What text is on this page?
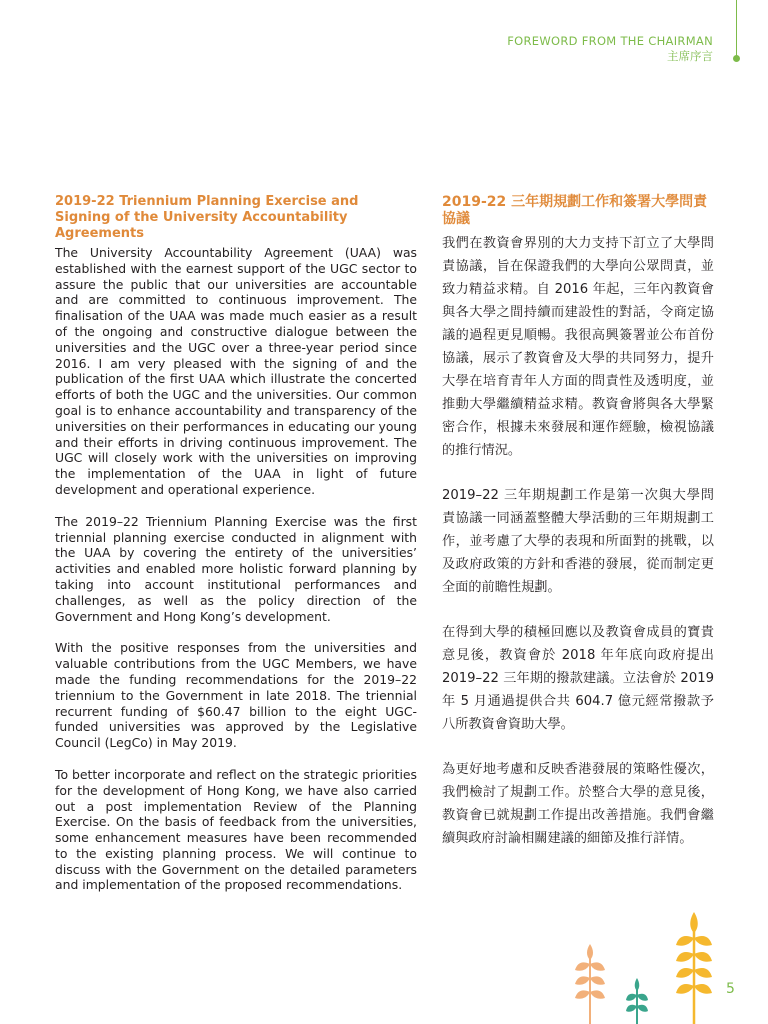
FOREWORD FROM THE CHAIRMAN
主席序言
2019-22 Triennium Planning Exercise and Signing of the University Accountability Agreements

The University Accountability Agreement (UAA) was established with the earnest support of the UGC sector to assure the public that our universities are accountable and are committed to continuous improvement. The finalisation of the UAA was made much easier as a result of the ongoing and constructive dialogue between the universities and the UGC over a three-year period since 2016. I am very pleased with the signing of and the publication of the first UAA which illustrate the concerted efforts of both the UGC and the universities. Our common goal is to enhance accountability and transparency of the universities on their performances in educating our young and their efforts in driving continuous improvement. The UGC will closely work with the universities on improving the implementation of the UAA in light of future development and operational experience.

The 2019–22 Triennium Planning Exercise was the first triennial planning exercise conducted in alignment with the UAA by covering the entirety of the universities’ activities and enabled more holistic forward planning by taking into account institutional performances and challenges, as well as the policy direction of the Government and Hong Kong’s development.

With the positive responses from the universities and valuable contributions from the UGC Members, we have made the funding recommendations for the 2019–22 triennium to the Government in late 2018. The triennial recurrent funding of $60.47 billion to the eight UGC-funded universities was approved by the Legislative Council (LegCo) in May 2019.

To better incorporate and reflect on the strategic priorities for the development of Hong Kong, we have also carried out a post implementation Review of the Planning Exercise. On the basis of feedback from the universities, some enhancement measures have been recommended to the existing planning process. We will continue to discuss with the Government on the detailed parameters and implementation of the proposed recommendations.

2019-22 三年期規劃工作和簽署大學問責協議

我們在教資會界別的大力支持下訂立了大學問責協議，旨在保證我們的大學向公眾問責，並致力精益求精。自 2016 年起，三年內教資會與各大學之間持續而建設性的對話，令商定協議的過程更見順暢。我很高興簽署並公布首份協議，展示了教資會及大學的共同努力，提升大學在培育青年人方面的問責性及透明度，並推動大學繼續精益求精。教資會將與各大學緊密合作，根據未來發展和運作經驗，檢視協議的推行情況。

2019–22 三年期規劃工作是第一次與大學問責協議一同涵蓋整體大學活動的三年期規劃工作，並考慮了大學的表現和所面對的挑戰，以及政府政策的方針和香港的發展，從而制定更全面的前瞻性規劃。

在得到大學的積極回應以及教資會成員的寶貴意見後，教資會於 2018 年年底向政府提出 2019–22 三年期的撥款建議。立法會於 2019 年 5 月通過提供合共 604.7 億元經常撥款予八所教資會資助大學。

為更好地考慮和反映香港發展的策略性優次，我們檢討了規劃工作。於整合大學的意見後，教資會已就規劃工作提出改善措施。我們會繼續與政府討論相關建議的細節及推行詳情。

5
